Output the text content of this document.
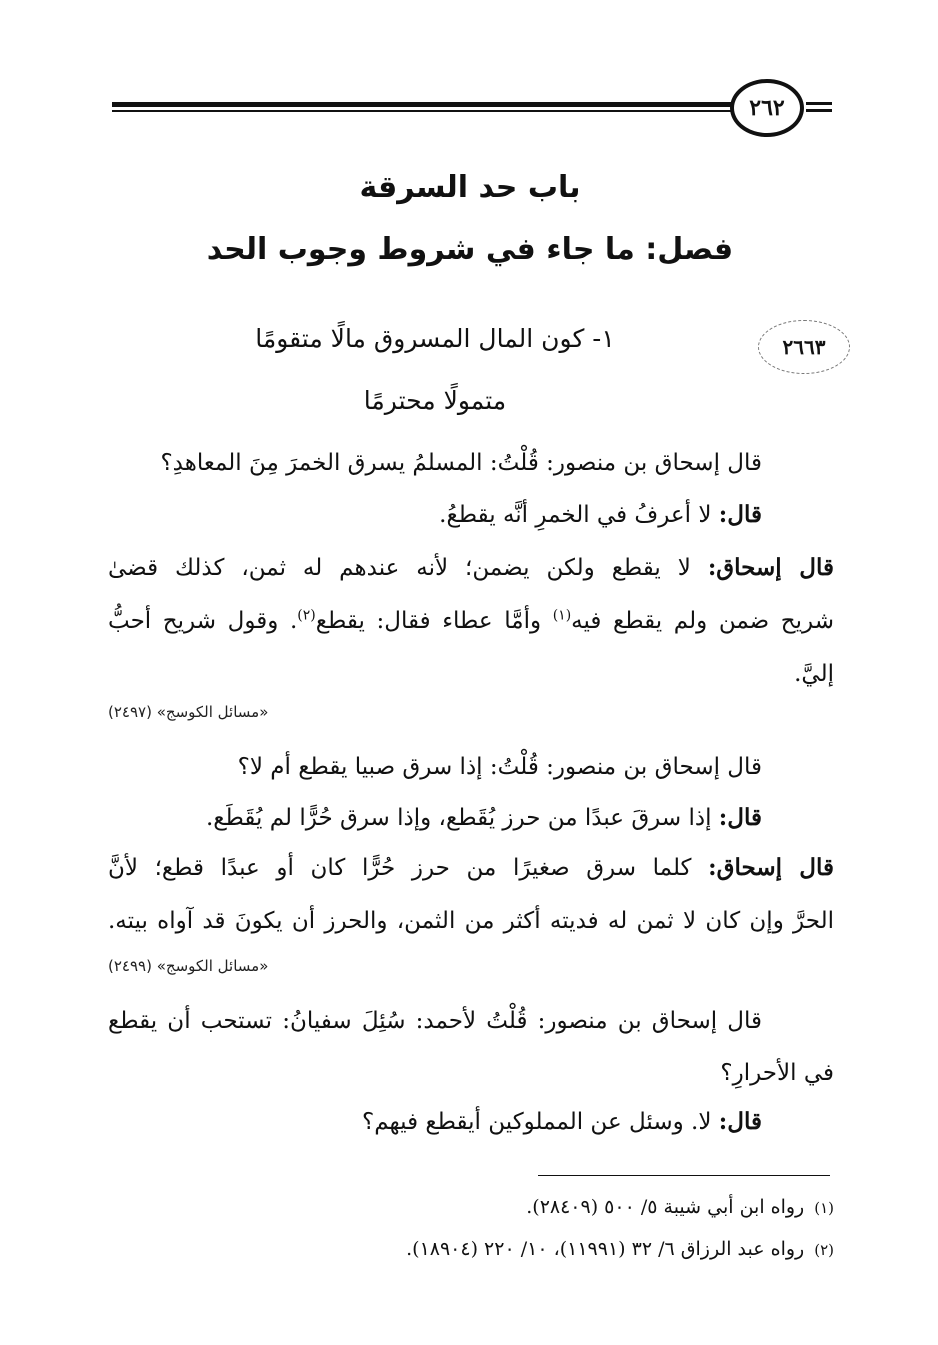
٢٦٢
باب حد السرقة
فصل: ما جاء في شروط وجوب الحد
٢٦٦٣
١- كون المال المسروق مالًا متقومًا
متمولًا محترمًا
قال إسحاق بن منصور: قُلْتُ: المسلمُ يسرق الخمرَ مِنَ المعاهدِ؟
قال: لا أعرفُ في الخمرِ أنَّه يقطعُ.
قال إسحاق: لا يقطع ولكن يضمن؛ لأنه عندهم له ثمن، كذلك قضىٰ
شريح ضمن ولم يقطع فيه$^{(١)}$ وأمَّا عطاء فقال: يقطع$^{(٢)}$. وقول شريح أحبُّ
إليَّ.
«مسائل الكوسج» (٢٤٩٧)
قال إسحاق بن منصور: قُلْتُ: إذا سرق صبيا يقطع أم لا؟
قال: إذا سرقَ عبدًا من حرز يُقَطع، وإذا سرق حُرًّا لم يُقَطَع.
قال إسحاق: كلما سرق صغيرًا من حرز حُرًّا كان أو عبدًا قطع؛ لأنَّ
الحرَّ وإن كان لا ثمن له فديته أكثر من الثمن، والحرز أن يكونَ قد آواه بيته.
«مسائل الكوسج» (٢٤٩٩)
قال إسحاق بن منصور: قُلْتُ لأحمد: سُئِلَ سفيانُ: تستحب أن يقطع
في الأحرارِ؟
قال: لا. وسئل عن المملوكين أيقطع فيهم؟
(١)رواه ابن أبي شيبة ٥/ ٥٠٠ (٢٨٤٠٩).
(٢)رواه عبد الرزاق ٦/ ٣٢ (١١٩٩١)، ١٠/ ٢٢٠ (١٨٩٠٤).
